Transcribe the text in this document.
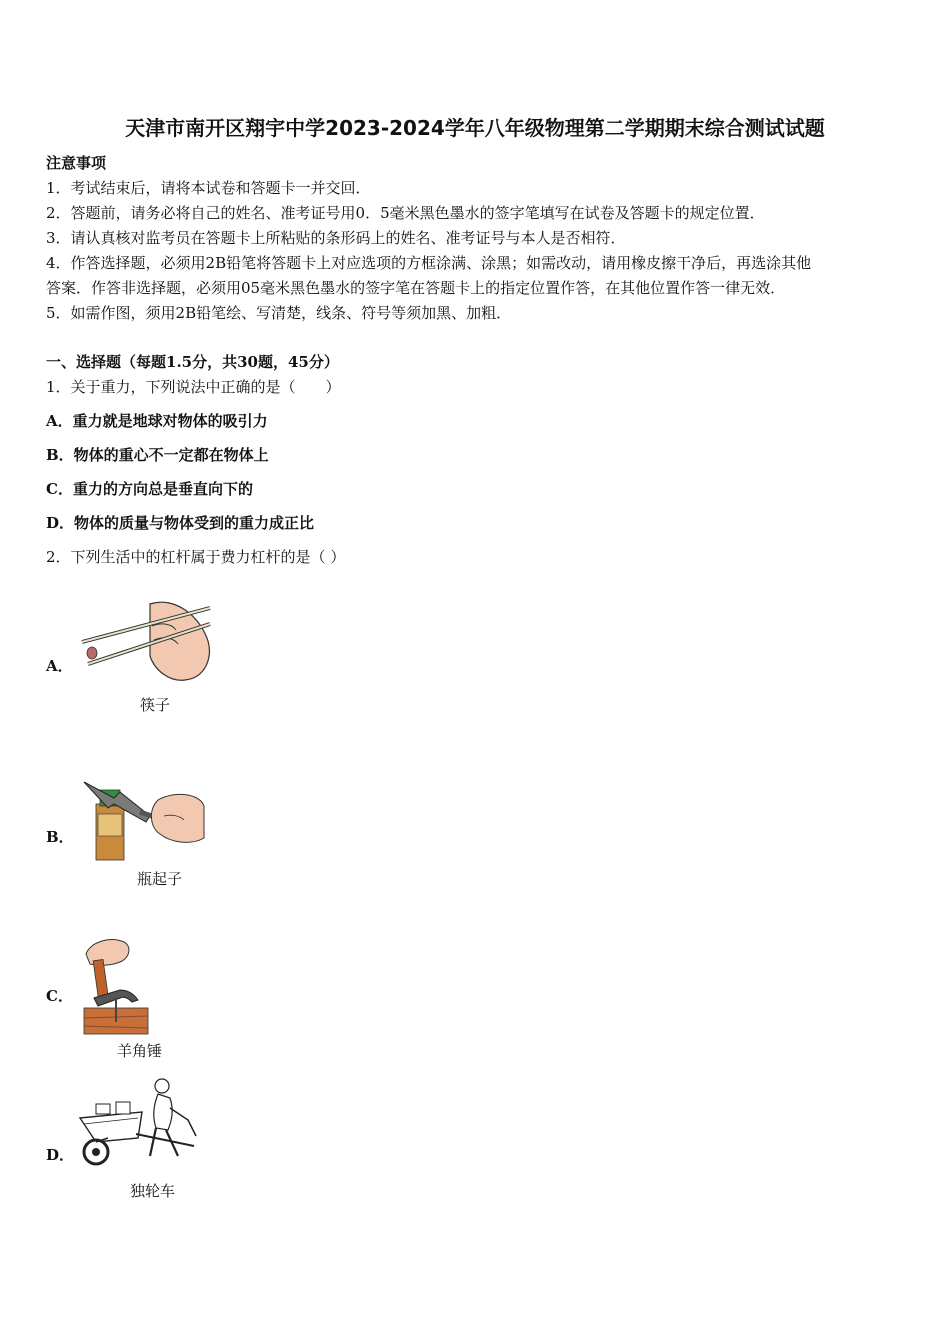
天津市南开区翔宇中学2023-2024学年八年级物理第二学期期末综合测试试题
注意事项
1．考试结束后，请将本试卷和答题卡一并交回．
2．答题前，请务必将自己的姓名、准考证号用0．5毫米黑色墨水的签字笔填写在试卷及答题卡的规定位置．
3．请认真核对监考员在答题卡上所粘贴的条形码上的姓名、准考证号与本人是否相符．
4．作答选择题，必须用2B铅笔将答题卡上对应选项的方框涂满、涂黑；如需改动，请用橡皮擦干净后，再选涂其他
答案．作答非选择题，必须用05毫米黑色墨水的签字笔在答题卡上的指定位置作答，在其他位置作答一律无效．
5．如需作图，须用2B铅笔绘、写清楚，线条、符号等须加黑、加粗．
一、选择题（每题1.5分，共30题，45分）
1．关于重力，下列说法中正确的是（　　）
A．重力就是地球对物体的吸引力
B．物体的重心不一定都在物体上
C．重力的方向总是垂直向下的
D．物体的质量与物体受到的重力成正比
2．下列生活中的杠杆属于费力杠杆的是（ ）
A．
筷子
B．
瓶起子
C．
羊角锤
D．
独轮车
